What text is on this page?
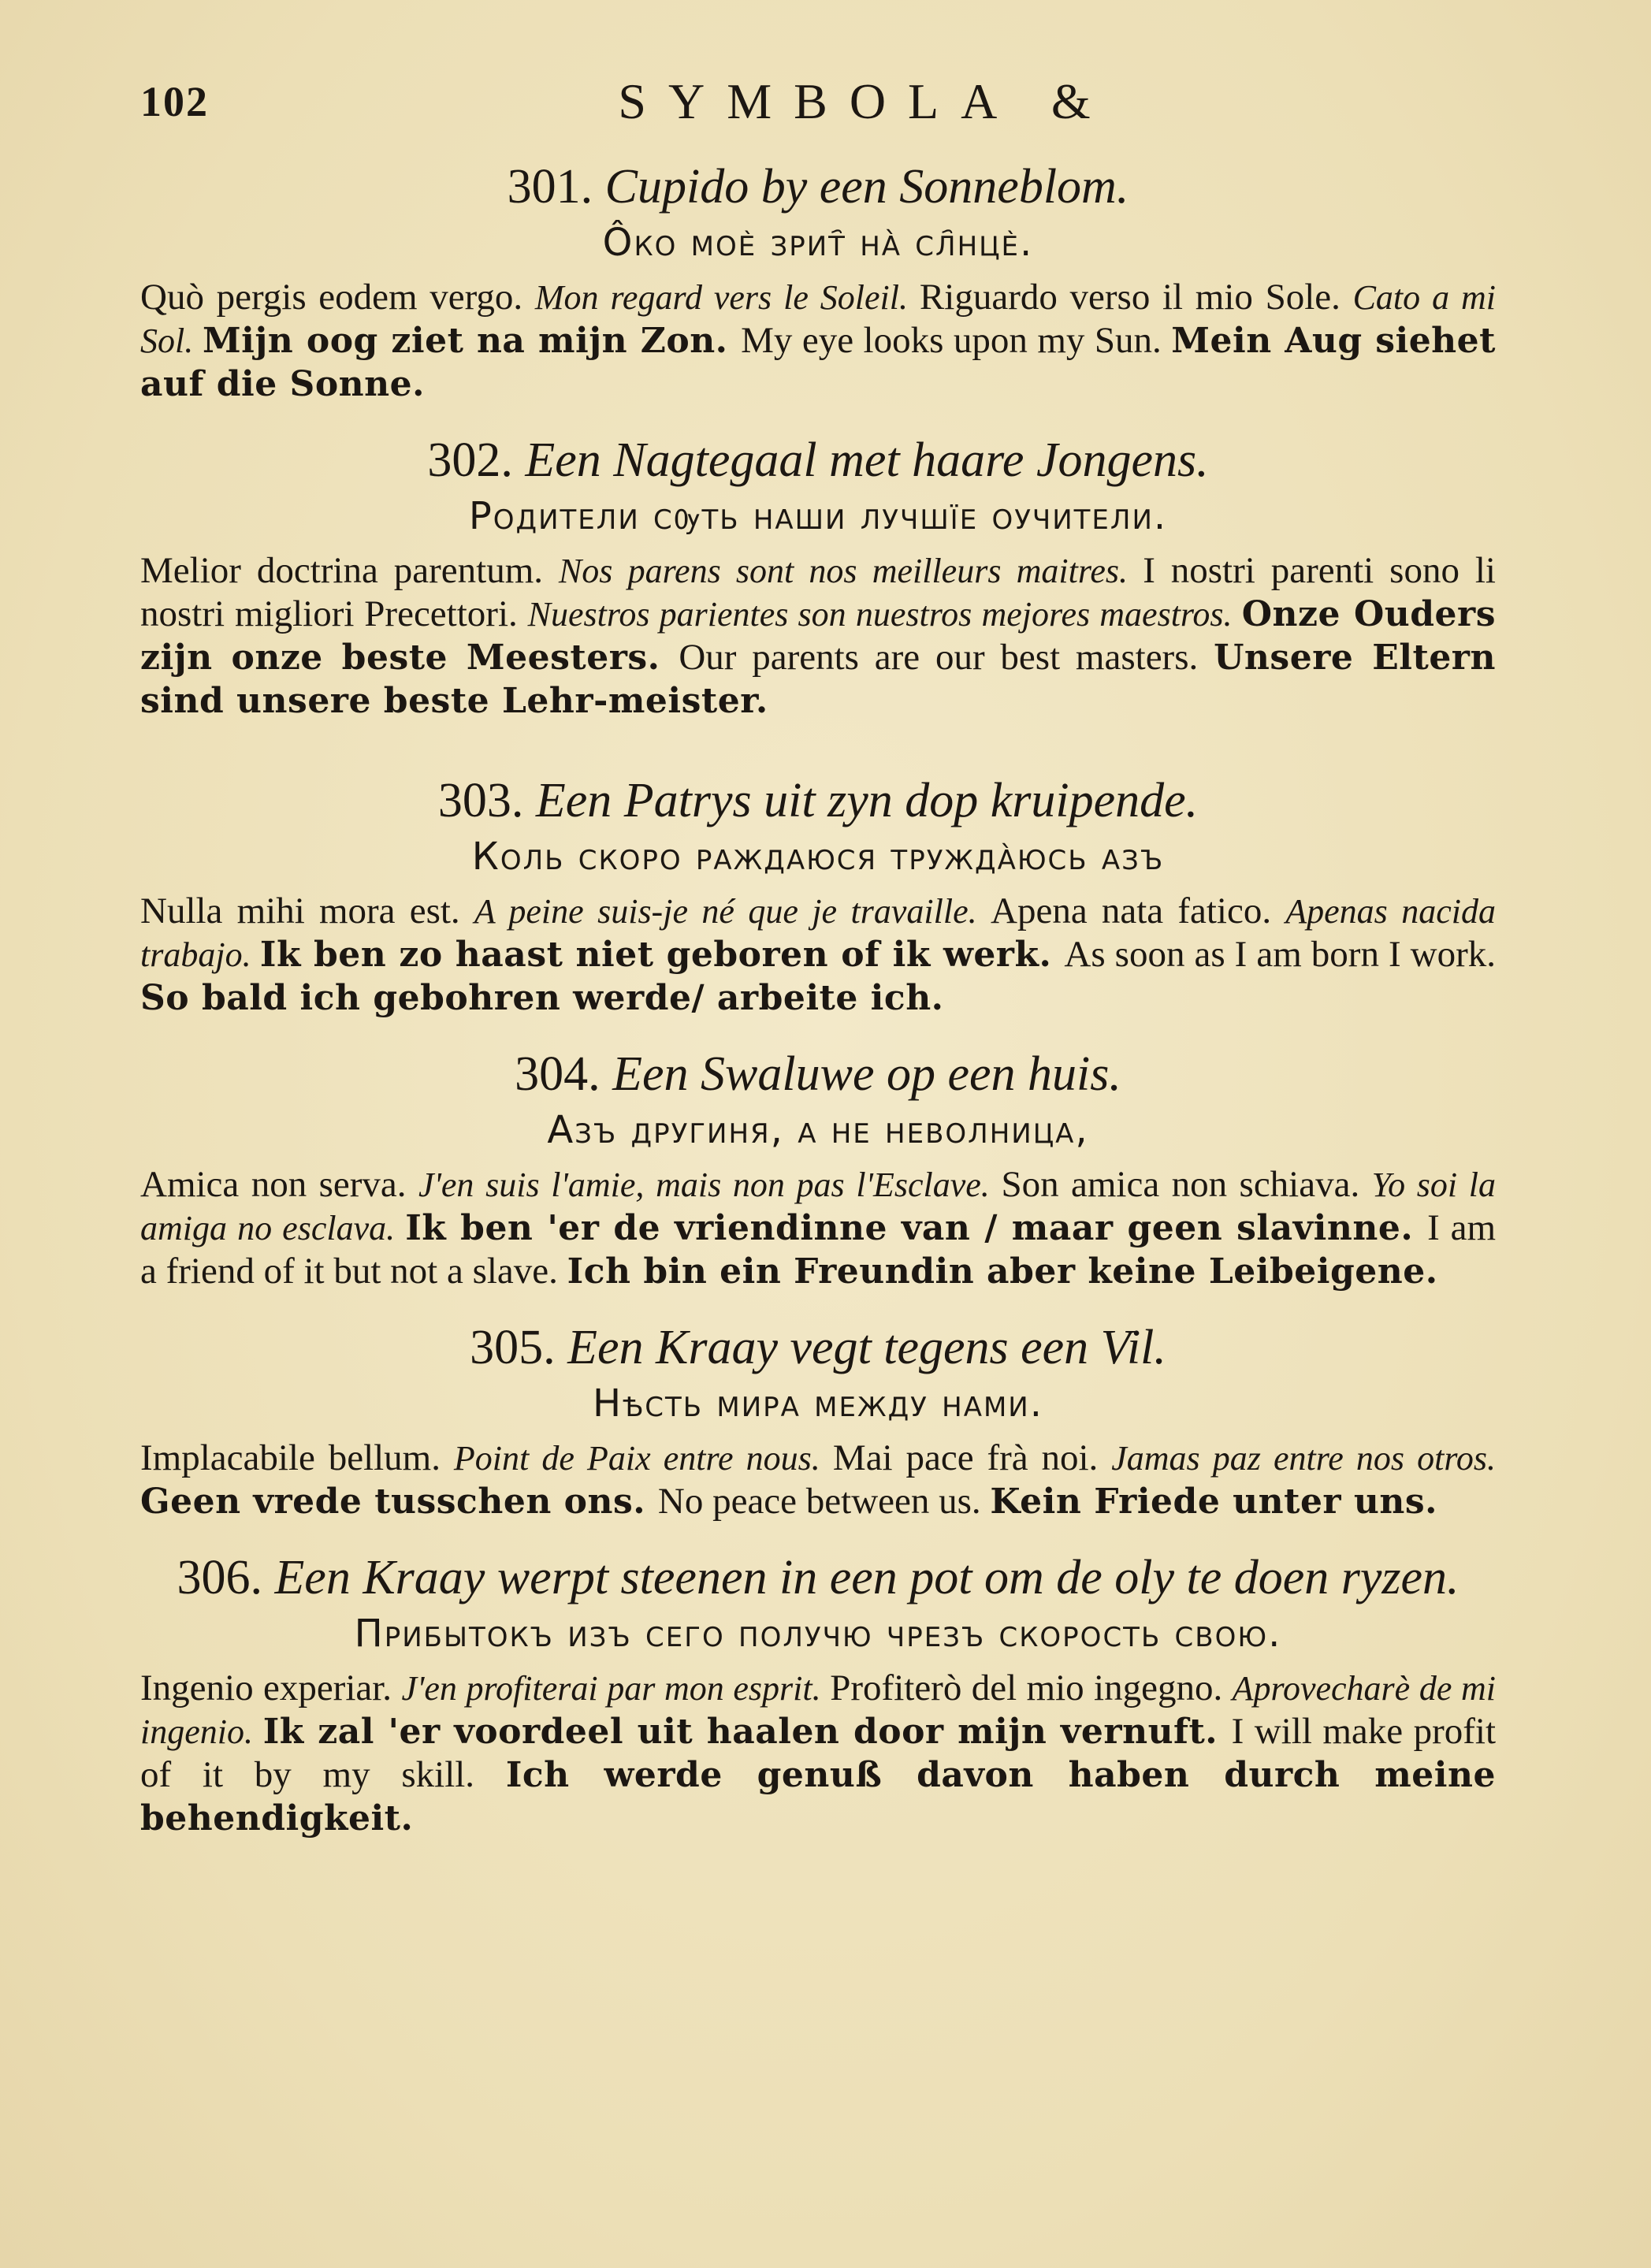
102	SYMBOLA &

301. Cupido by een Sonneblom.

Ôко моѐ зрит҄ на̀ сл҄нцѐ.

Quò pergis eodem vergo. Mon regard vers le Soleil. Riguardo verso il mio Sole. Cato a mi Sol. Mijn oog ziet na mijn Zon. My eye looks upon my Sun. Mein Aug siehet auf die Sonne.

302. Een Nagtegaal met haare Jongens.

Родители сѹть наши лучшїе оучители.

Melior doctrina parentum. Nos parens sont nos meilleurs maitres. I nostri parenti sono li nostri migliori Precettori. Nuestros parientes son nuestros mejores maestros. Onze Ouders zijn onze beste Meesters. Our parents are our best masters. Unsere Eltern sind unsere beste Lehr-meister.

303. Een Patrys uit zyn dop kruipende.

Коль скоро раждаюся тружда̀юсь азъ

Nulla mihi mora est. A peine suis-je né que je travaille. Apena nata fatico. Apenas nacida trabajo. Ik ben zo haast niet geboren of ik werk. As soon as I am born I work. So bald ich gebohren werde/ arbeite ich.

304. Een Swaluwe op een huis.

Азъ другиня, а не неволница,

Amica non serva. J'en suis l'amie, mais non pas l'Esclave. Son amica non schiava. Yo soi la amiga no esclava. Ik ben 'er de vriendinne van / maar geen slavinne. I am a friend of it but not a slave. Ich bin ein Freundin aber keine Leibeigene.

305. Een Kraay vegt tegens een Vil.

Нѣсть мира между нами.

Implacabile bellum. Point de Paix entre nous. Mai pace frà noi. Jamas paz entre nos otros. Geen vrede tusschen ons. No peace between us. Kein Friede unter uns.

306. Een Kraay werpt steenen in een pot om de oly te doen ryzen.

Прибытокъ изъ сего получю чрезъ скорость свою.

Ingenio experiar. J'en profiterai par mon esprit. Profiterò del mio ingegno. Aprovecharè de mi ingenio. Ik zal 'er voordeel uit haalen door mijn vernuft. I will make profit of it by my skill. Ich werde genuß davon haben durch meine behendigkeit.
